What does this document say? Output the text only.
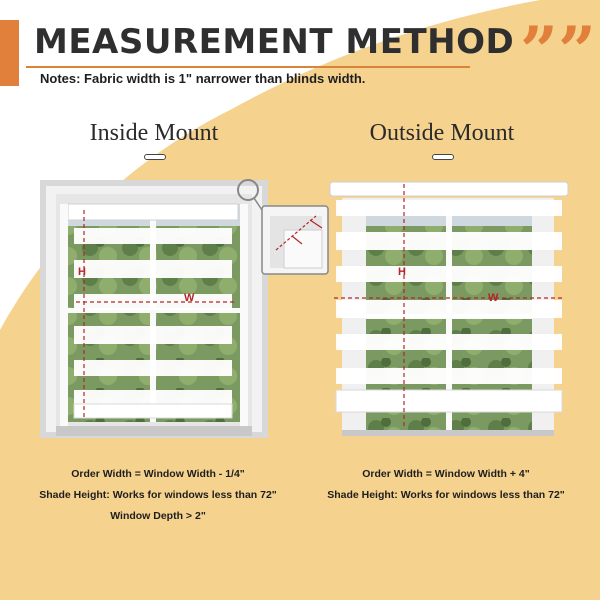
MEASUREMENT METHOD ””
Notes: Fabric width is 1" narrower than blinds width.
Inside Mount	Outside Mount
H
W
H
W
Order Width = Window Width - 1/4"
Shade Height: Works for windows less than 72"
Window Depth > 2"
Order Width = Window Width + 4"
Shade Height: Works for windows less than 72"
